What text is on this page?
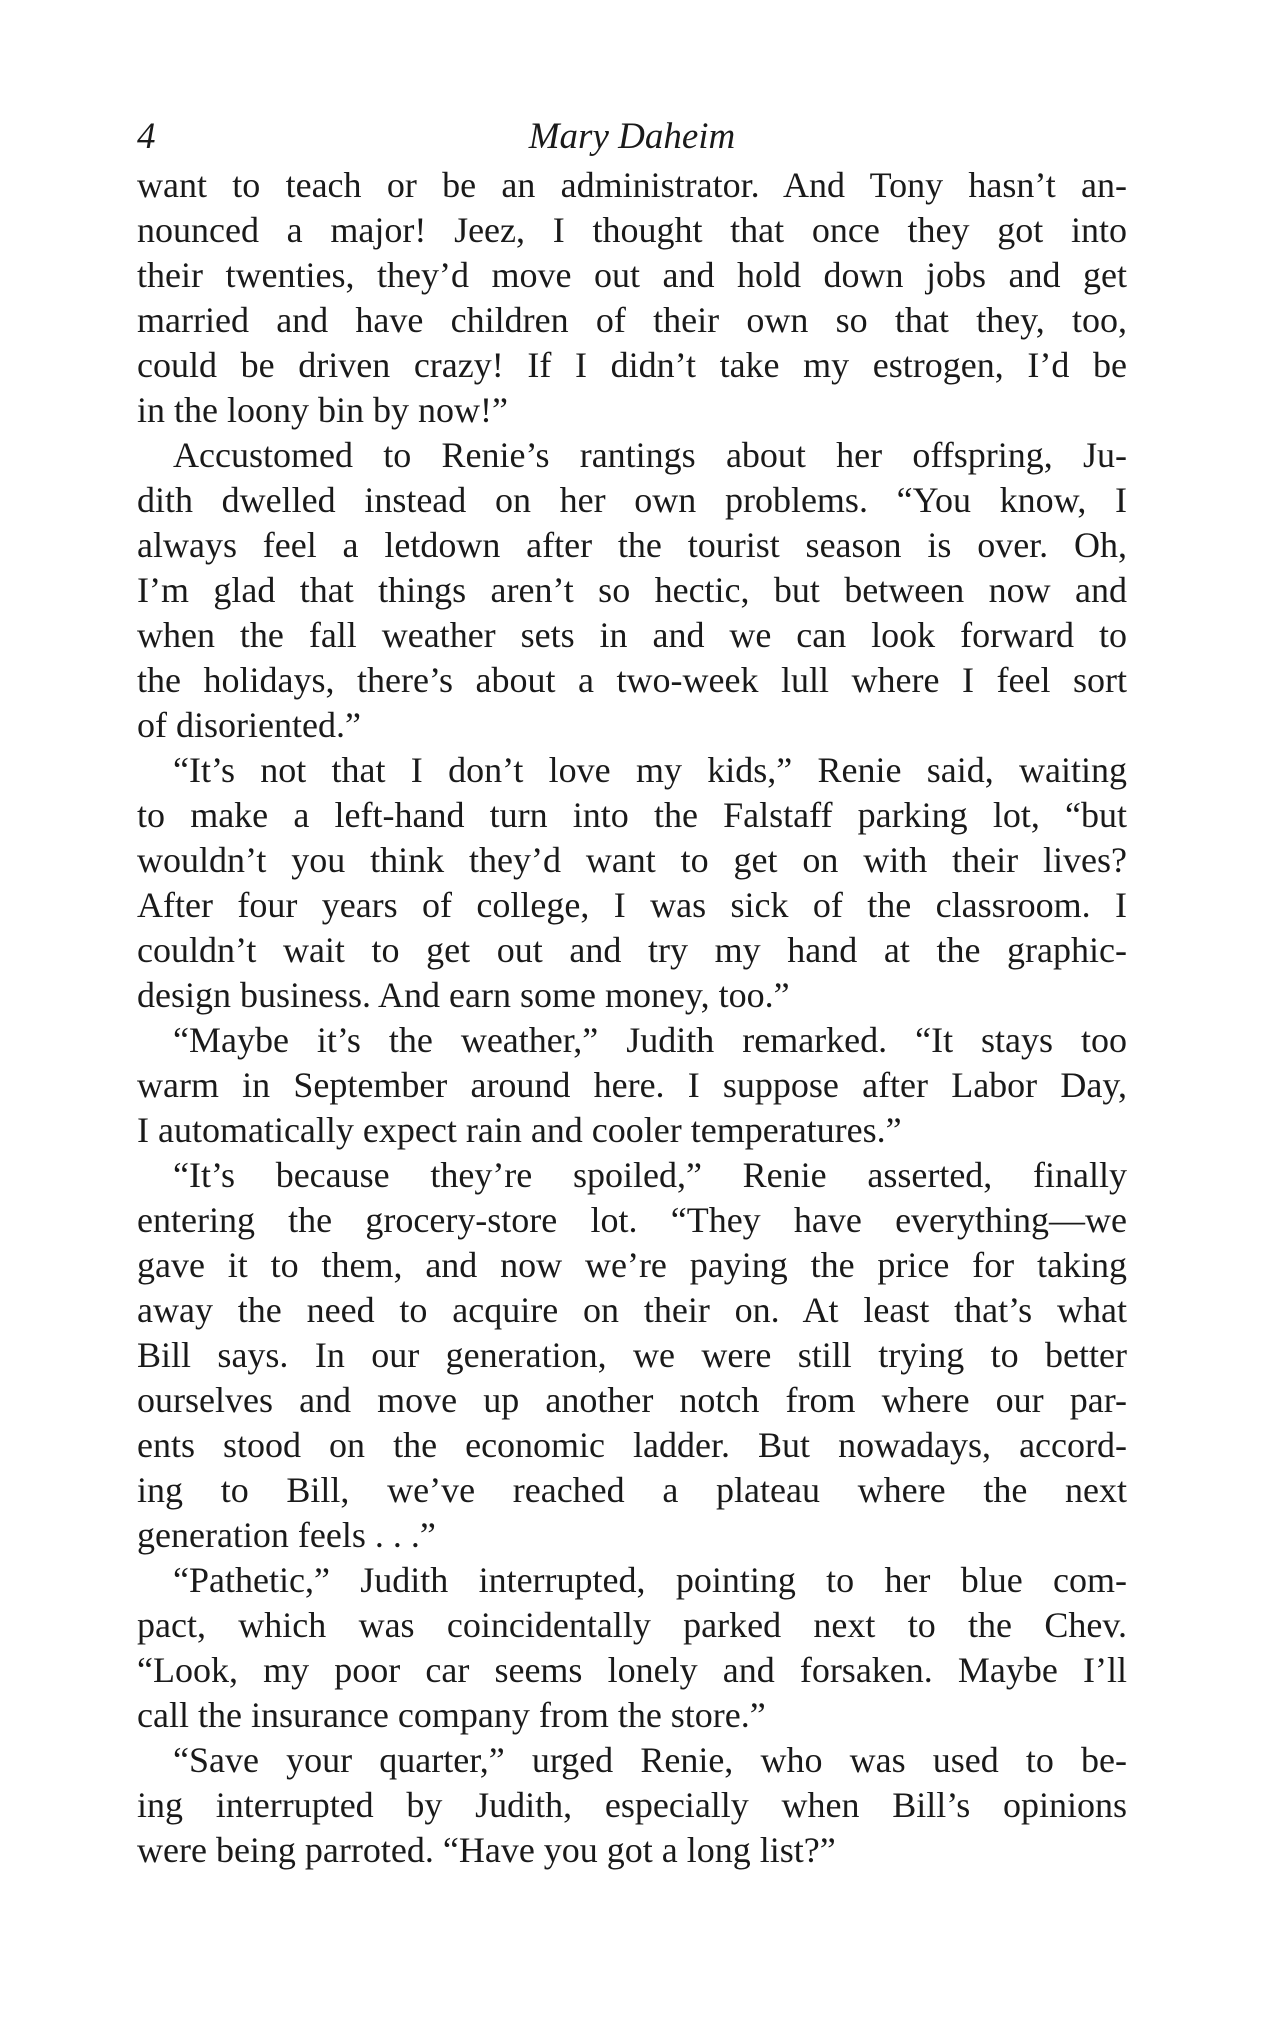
4	Mary Daheim
want to teach or be an administrator. And Tony hasn’t an-
nounced a major! Jeez, I thought that once they got into
their twenties, they’d move out and hold down jobs and get
married and have children of their own so that they, too,
could be driven crazy! If I didn’t take my estrogen, I’d be
in the loony bin by now!”
Accustomed to Renie’s rantings about her offspring, Ju-
dith dwelled instead on her own problems. “You know, I
always feel a letdown after the tourist season is over. Oh,
I’m glad that things aren’t so hectic, but between now and
when the fall weather sets in and we can look forward to
the holidays, there’s about a two-week lull where I feel sort
of disoriented.”
“It’s not that I don’t love my kids,” Renie said, waiting
to make a left-hand turn into the Falstaff parking lot, “but
wouldn’t you think they’d want to get on with their lives?
After four years of college, I was sick of the classroom. I
couldn’t wait to get out and try my hand at the graphic-
design business. And earn some money, too.”
“Maybe it’s the weather,” Judith remarked. “It stays too
warm in September around here. I suppose after Labor Day,
I automatically expect rain and cooler temperatures.”
“It’s because they’re spoiled,” Renie asserted, finally
entering the grocery-store lot. “They have everything—we
gave it to them, and now we’re paying the price for taking
away the need to acquire on their on. At least that’s what
Bill says. In our generation, we were still trying to better
ourselves and move up another notch from where our par-
ents stood on the economic ladder. But nowadays, accord-
ing to Bill, we’ve reached a plateau where the next
generation feels . . .”
“Pathetic,” Judith interrupted, pointing to her blue com-
pact, which was coincidentally parked next to the Chev.
“Look, my poor car seems lonely and forsaken. Maybe I’ll
call the insurance company from the store.”
“Save your quarter,” urged Renie, who was used to be-
ing interrupted by Judith, especially when Bill’s opinions
were being parroted. “Have you got a long list?”
